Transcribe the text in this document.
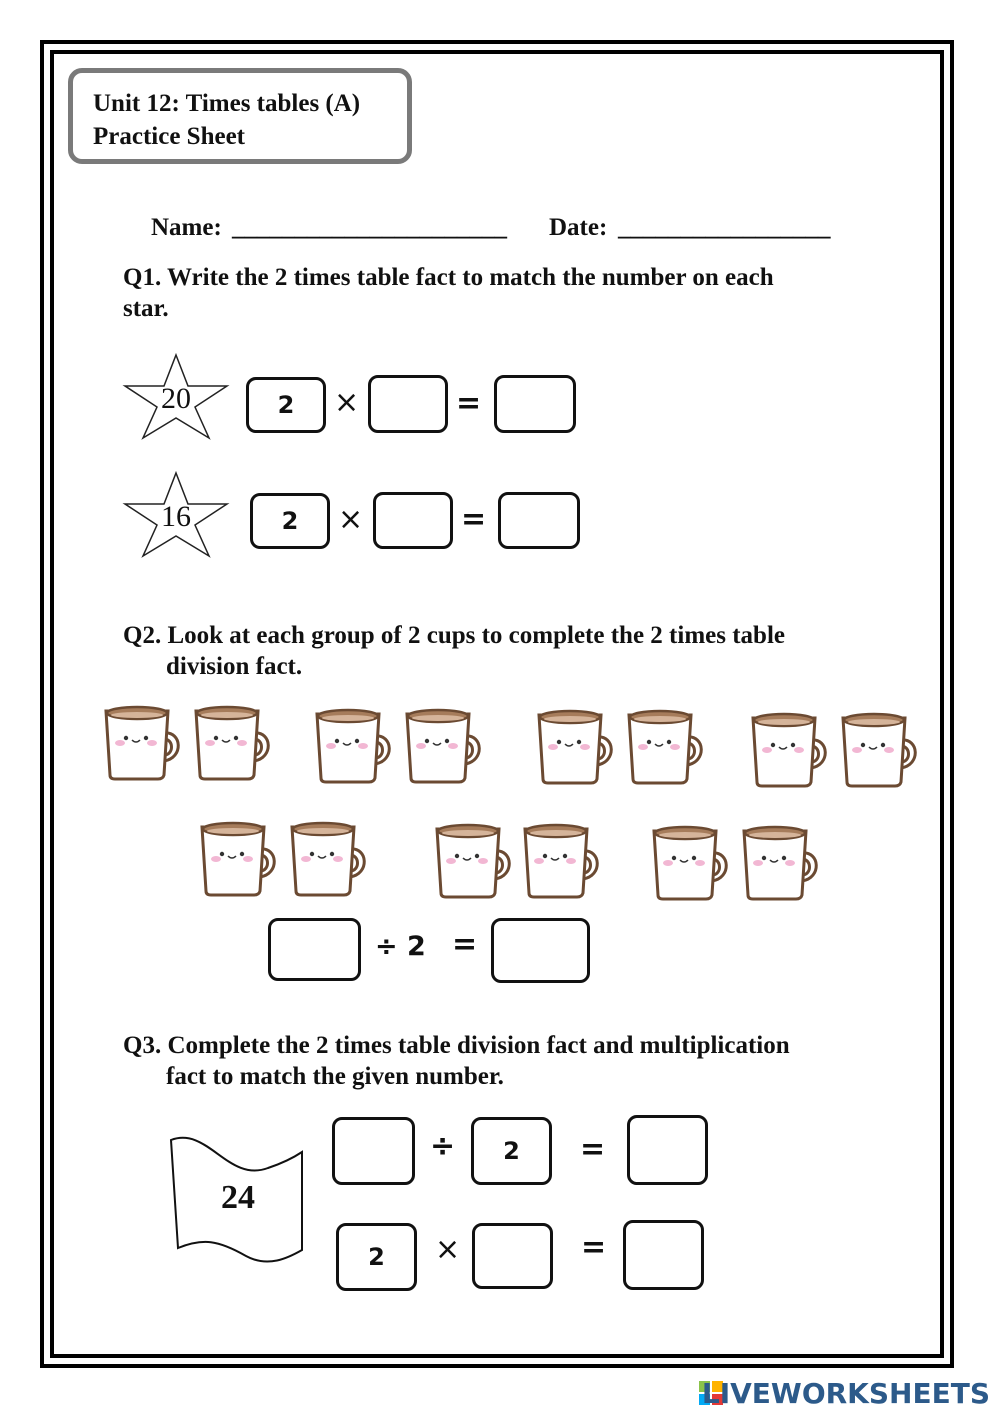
Unit 12: Times tables (A)
Practice Sheet
Name: ______________________ Date: _________________
Q1. Write the 2 times table fact to match the number on each
star.
20	2	×	=
16	2	×	=
Q2. Look at each group of 2 cups to complete the 2 times table
division fact.
÷ 2 =
Q3. Complete the 2 times table division fact and multiplication
fact to match the given number.
24
÷	2	=
2	×	=
LIVEWORKSHEETS
